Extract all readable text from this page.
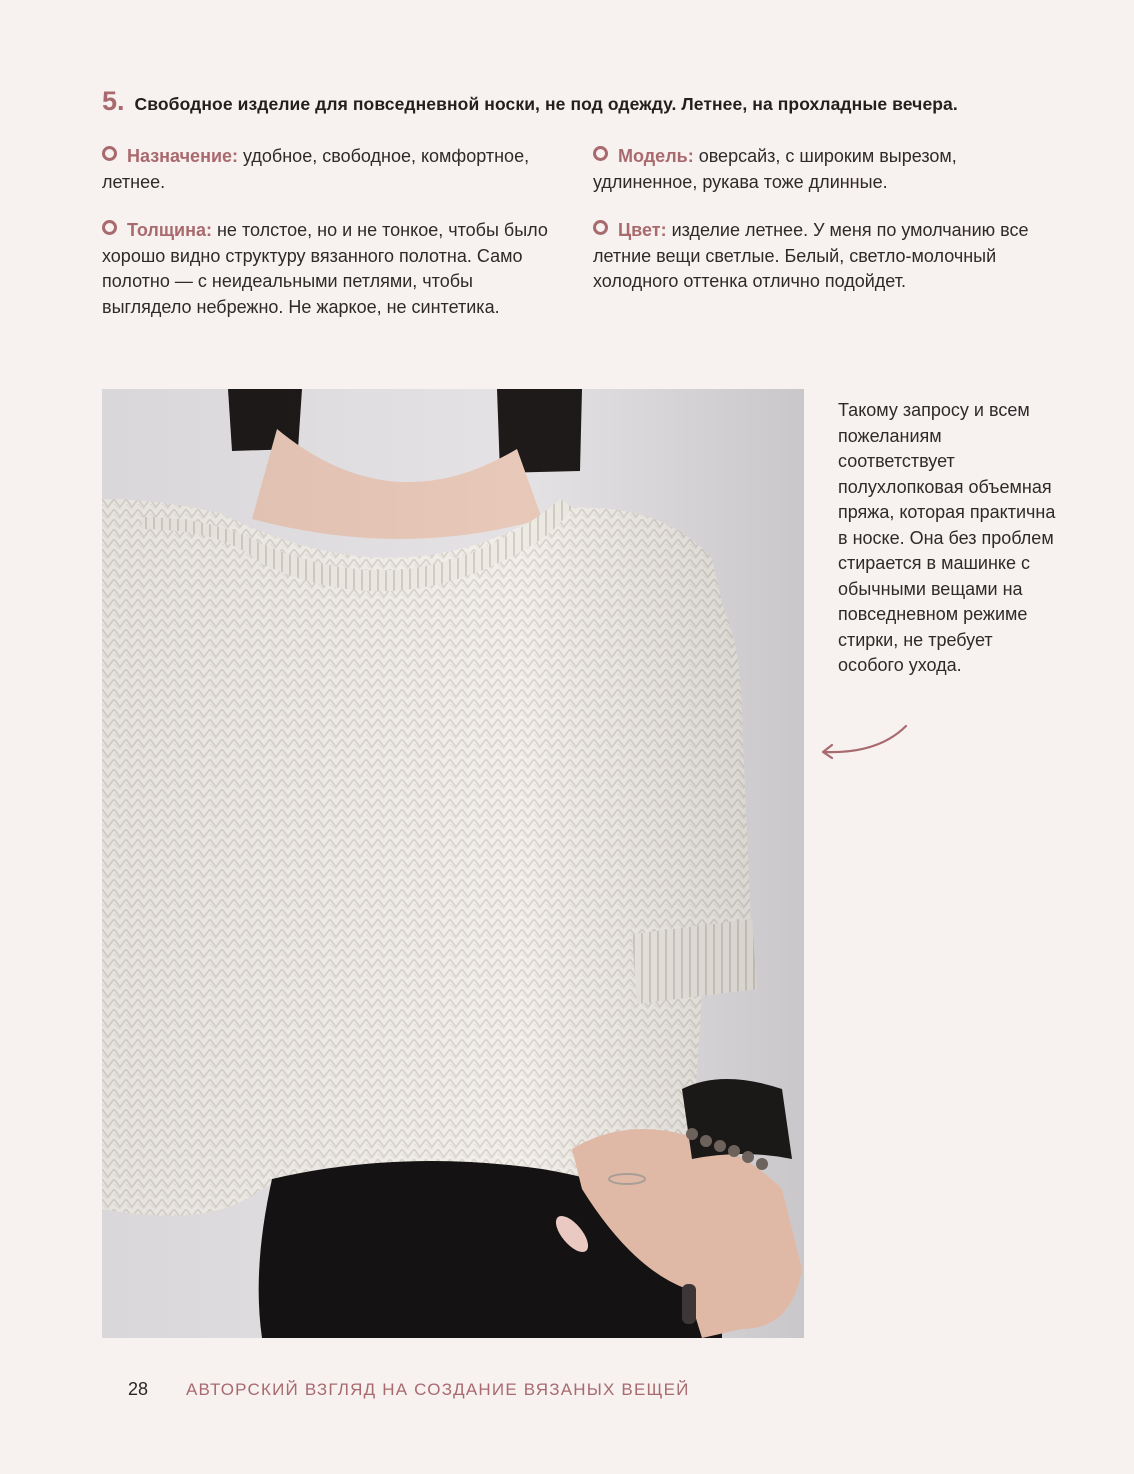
5. Свободное изделие для повседневной носки, не под одежду. Летнее, на прохладные вечера.

Назначение: удобное, свободное, комфортное, летнее.

Толщина: не толстое, но и не тонкое, чтобы было хорошо видно структуру вязанного полотна. Само полотно — с неидеальными петлями, чтобы выглядело небрежно. Не жаркое, не синтетика.

Модель: оверсайз, с широким вырезом, удлиненное, рукава тоже длинные.

Цвет: изделие летнее. У меня по умолчанию все летние вещи светлые. Белый, светло-молочный холодного оттенка отлично подойдет.

Такому запросу и всем пожеланиям соответствует полухлопковая объемная пряжа, которая практична в носке. Она без проблем стирается в машинке с обычными вещами на повседневном режиме стирки, не требует особого ухода.
28	АВТОРСКИЙ ВЗГЛЯД НА СОЗДАНИЕ ВЯЗАНЫХ ВЕЩЕЙ
